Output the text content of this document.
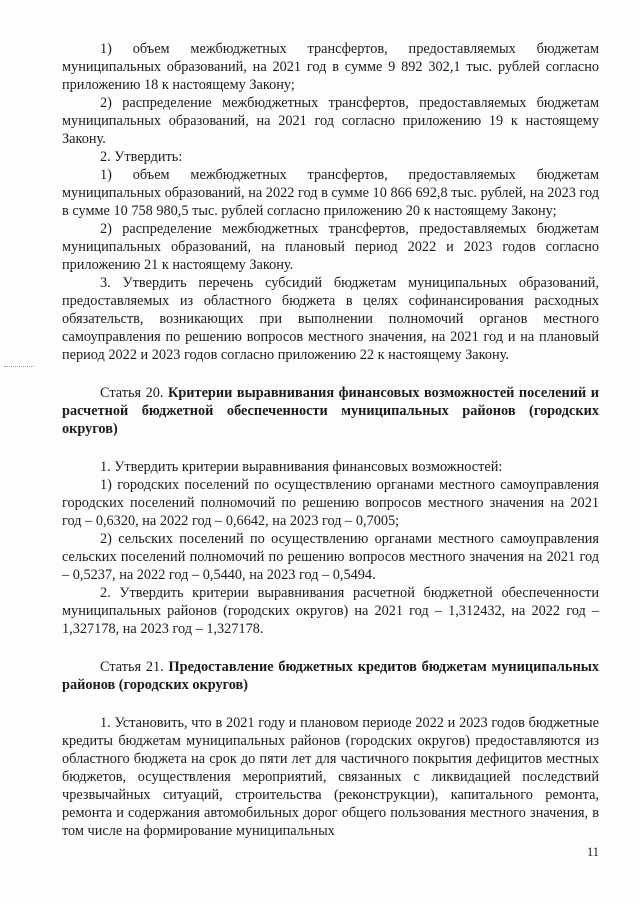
1) объем межбюджетных трансфертов, предоставляемых бюджетам муниципальных образований, на 2021 год в сумме 9 892 302,1 тыс. рублей согласно приложению 18 к настоящему Закону;

2) распределение межбюджетных трансфертов, предоставляемых бюджетам муниципальных образований, на 2021 год согласно приложению 19 к настоящему Закону.

2. Утвердить:

1) объем межбюджетных трансфертов, предоставляемых бюджетам муниципальных образований, на 2022 год в сумме 10 866 692,8 тыс. рублей, на 2023 год в сумме 10 758 980,5 тыс. рублей согласно приложению 20 к настоящему Закону;

2) распределение межбюджетных трансфертов, предоставляемых бюджетам муниципальных образований, на плановый период 2022 и 2023 годов согласно приложению 21 к настоящему Закону.

3. Утвердить перечень субсидий бюджетам муниципальных образований, предоставляемых из областного бюджета в целях софинансирования расходных обязательств, возникающих при выполнении полномочий органов местного самоуправления по решению вопросов местного значения, на 2021 год и на плановый период 2022 и 2023 годов согласно приложению 22 к настоящему Закону.

Статья 20. Критерии выравнивания финансовых возможностей поселений и расчетной бюджетной обеспеченности муниципальных районов (городских округов)

1. Утвердить критерии выравнивания финансовых возможностей:

1) городских поселений по осуществлению органами местного самоуправления городских поселений полномочий по решению вопросов местного значения на 2021 год – 0,6320, на 2022 год – 0,6642, на 2023 год – 0,7005;

2) сельских поселений по осуществлению органами местного самоуправления сельских поселений полномочий по решению вопросов местного значения на 2021 год – 0,5237, на 2022 год – 0,5440, на 2023 год – 0,5494.

2. Утвердить критерии выравнивания расчетной бюджетной обеспеченности муниципальных районов (городских округов) на 2021 год – 1,312432, на 2022 год – 1,327178, на 2023 год – 1,327178.

Статья 21. Предоставление бюджетных кредитов бюджетам муниципальных районов (городских округов)

1. Установить, что в 2021 году и плановом периоде 2022 и 2023 годов бюджетные кредиты бюджетам муниципальных районов (городских округов) предоставляются из областного бюджета на срок до пяти лет для частичного покрытия дефицитов местных бюджетов, осуществления мероприятий, связанных с ликвидацией последствий чрезвычайных ситуаций, строительства (реконструкции), капитального ремонта, ремонта и содержания автомобильных дорог общего пользования местного значения, в том числе на формирование муниципальных

11
